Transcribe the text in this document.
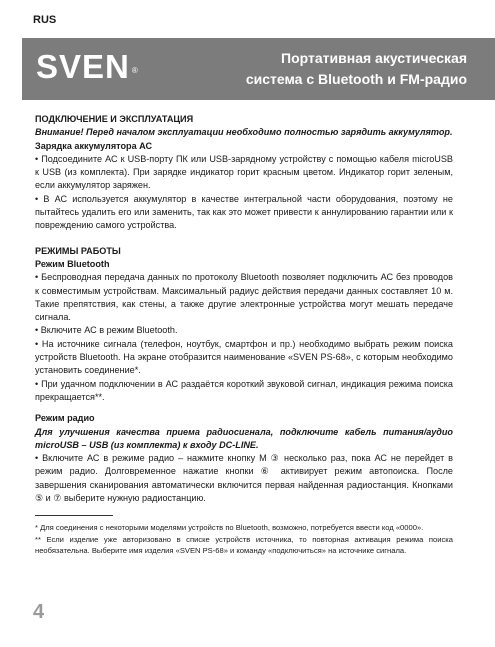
RUS
SVEN ®
Портативная акустическая
система с Bluetooth и FM-радио

ПОДКЛЮЧЕНИЕ И ЭКСПЛУАТАЦИЯ

Внимание! Перед началом эксплуатации необходимо полностью зарядить аккумулятор.

Зарядка аккумулятора АС

• Подсоедините АС к USB-порту ПК или USB-зарядному устройству с помощью кабеля microUSB к USB (из комплекта). При зарядке индикатор горит красным цветом. Индикатор горит зеленым, если аккумулятор заряжен.

• В АС используется аккумулятор в качестве интегральной части оборудования, поэтому не пытайтесь удалить его или заменить, так как это может привести к аннулированию гарантии или к повреждению самого устройства.

РЕЖИМЫ РАБОТЫ

Режим Bluetooth

• Беспроводная передача данных по протоколу Bluetooth позволяет подключить АС без проводов к совместимым устройствам. Максимальный радиус действия передачи данных составляет 10 м. Такие препятствия, как стены, а также другие электронные устройства могут мешать передаче сигнала.

• Включите АС в режим Bluetooth.

• На источнике сигнала (телефон, ноутбук, смартфон и пр.) необходимо выбрать режим поиска устройств Bluetooth. На экране отобразится наименование «SVEN PS-68», с которым необходимо установить соединение*.

• При удачном подключении в АС раздаётся короткий звуковой сигнал, индикация режима поиска прекращается**.

Режим радио

Для улучшения качества приема радиосигнала, подключите кабель питания/аудио microUSB – USB (из комплекта) к входу DC-LINE.

• Включите АС в режиме радио – нажмите кнопку M ③ несколько раз, пока АС не перейдет в режим радио. Долговременное нажатие кнопки ⑥ активирует режим автопоиска. После завершения сканирования автоматически включится первая найденная радиостанция. Кнопками ⑤ и ⑦ выберите нужную радиостанцию.

* Для соединения с некоторыми моделями устройств по Bluetooth, возможно, потребуется ввести код «0000».

** Если изделие уже авторизовано в списке устройств источника, то повторная активация режима поиска необязательна. Выберите имя изделия «SVEN PS-68» и команду «подключиться» на источнике сигнала.

4
